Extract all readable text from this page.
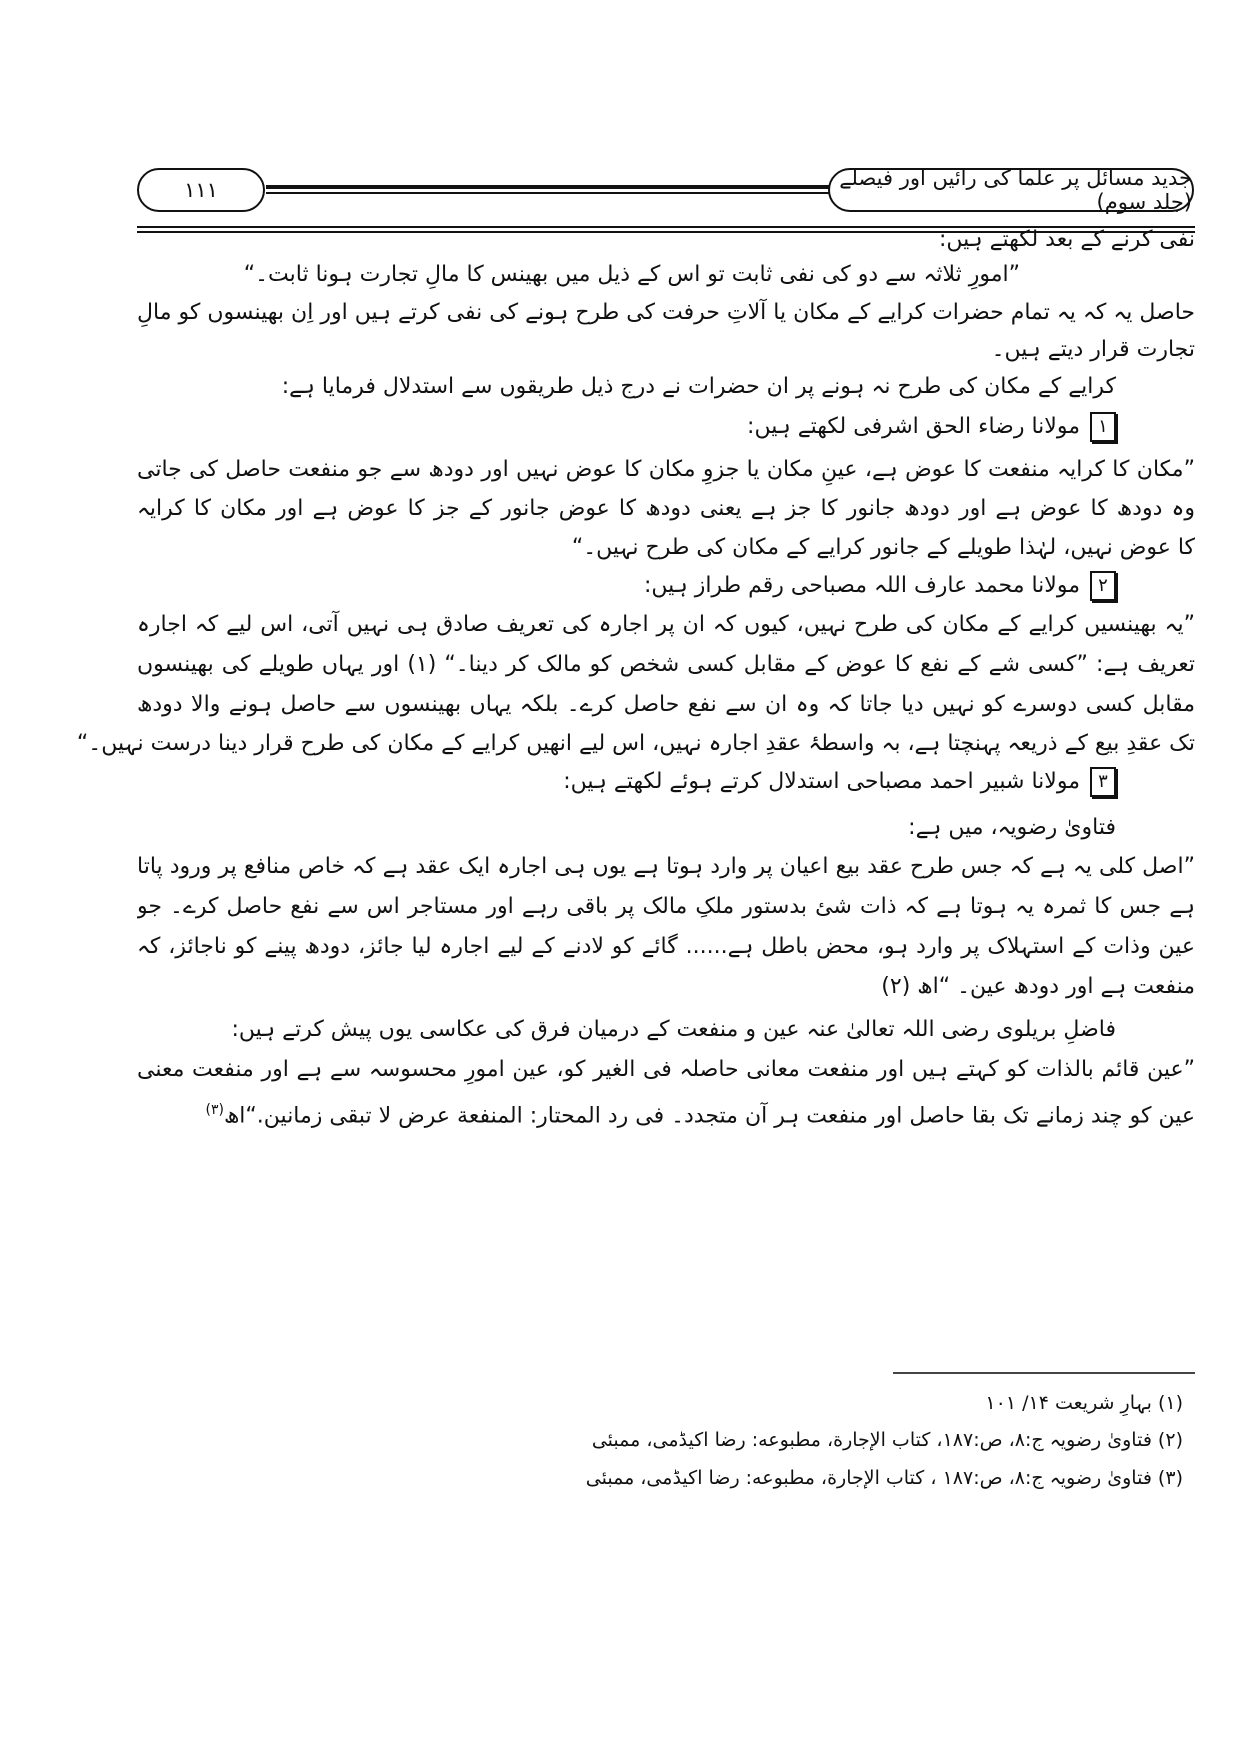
جدید مسائل پر علما کی رائیں اور فیصلے (جلد سوم)
۱۱۱
نفی کرنے کے بعد لکھتے ہیں:
”امورِ ثلاثہ سے دو کی نفی ثابت تو اس کے ذیل میں بھینس کا مالِ تجارت ہونا ثابت۔“
حاصل یہ کہ یہ تمام حضرات کرایے کے مکان یا آلاتِ حرفت کی طرح ہونے کی نفی کرتے ہیں اور اِن بھینسوں کو مالِ
تجارت قرار دیتے ہیں۔
کرایے کے مکان کی طرح نہ ہونے پر ان حضرات نے درج ذیل طریقوں سے استدلال فرمایا ہے:
۱مولانا رضاء الحق اشرفی لکھتے ہیں:
”مکان کا کرایہ منفعت کا عوض ہے، عینِ مکان یا جزوِ مکان کا عوض نہیں اور دودھ سے جو منفعت حاصل کی جاتی
وہ دودھ کا عوض ہے اور دودھ جانور کا جز ہے یعنی دودھ کا عوض جانور کے جز کا عوض ہے اور مکان کا کرایہ
کا عوض نہیں، لہٰذا طویلے کے جانور کرایے کے مکان کی طرح نہیں۔“
۲مولانا محمد عارف اللہ مصباحی رقم طراز ہیں:
”یہ بھینسیں کرایے کے مکان کی طرح نہیں، کیوں کہ ان پر اجارہ کی تعریف صادق ہی نہیں آتی، اس لیے کہ اجارہ
تعریف ہے: ”کسی شے کے نفع کا عوض کے مقابل کسی شخص کو مالک کر دینا۔“ (۱) اور یہاں طویلے کی بھینسوں
مقابل کسی دوسرے کو نہیں دیا جاتا کہ وہ ان سے نفع حاصل کرے۔ بلکہ یہاں بھینسوں سے حاصل ہونے والا دودھ
تک عقدِ بیع کے ذریعہ پہنچتا ہے، بہ واسطۂ عقدِ اجارہ نہیں، اس لیے انھیں کرایے کے مکان کی طرح قرار دینا درست نہیں۔“
۳مولانا شبیر احمد مصباحی استدلال کرتے ہوئے لکھتے ہیں:
فتاویٰ رضویہ، میں ہے:
”اصل کلی یہ ہے کہ جس طرح عقد بیع اعیان پر وارد ہوتا ہے یوں ہی اجارہ ایک عقد ہے کہ خاص منافع پر ورود پاتا
ہے جس کا ثمرہ یہ ہوتا ہے کہ ذات شئ بدستور ملکِ مالک پر باقی رہے اور مستاجر اس سے نفع حاصل کرے۔ جو
عین وذات کے استہلاک پر وارد ہو، محض باطل ہے...... گائے کو لادنے کے لیے اجارہ لیا جائز، دودھ پینے کو ناجائز، کہ
منفعت ہے اور دودھ عین۔ “اھ (۲)
فاضلِ بریلوی رضی اللہ تعالیٰ عنہ عین و منفعت کے درمیان فرق کی عکاسی یوں پیش کرتے ہیں:
”عین قائم بالذات کو کہتے ہیں اور منفعت معانی حاصلہ فی الغیر کو، عین امورِ محسوسہ سے ہے اور منفعت معنی
عین کو چند زمانے تک بقا حاصل اور منفعت ہر آن متجدد۔ فی رد المحتار: المنفعة عرض لا تبقی زمانین.“اھ$^{(۳)}$
(۱) بہارِ شریعت ۱۴/ ۱۰۱
(۲) فتاویٰ رضویہ ج:۸، ص:۱۸۷، کتاب الإجارة، مطبوعه: رضا اکیڈمی، ممبئی
(۳) فتاویٰ رضویہ ج:۸، ص:۱۸۷ ، کتاب الإجارة، مطبوعه: رضا اکیڈمی، ممبئی
